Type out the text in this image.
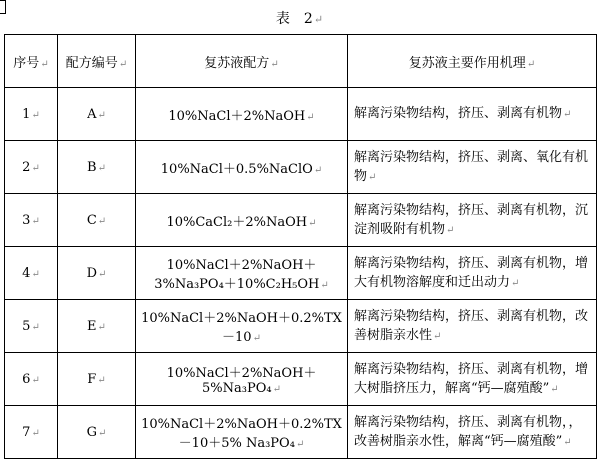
表　2↵
序号↵	配方编号↵	复苏液配方↵	复苏液主要作用机理↵
1↵	A↵	10%NaCl＋2%NaOH↵	解离污染物结构，挤压、剥离有机物↵
2↵	B↵	10%NaCl＋0.5%NaClO↵	解离污染物结构，挤压、剥离、氧化有机物↵
3↵	C↵	10%CaCl₂＋2%NaOH↵	解离污染物结构，挤压、剥离有机物，沉淀剂吸附有机物↵
4↵	D↵	10%NaCl＋2%NaOH＋3%Na₃PO₄＋10%C₂H₅OH↵	解离污染物结构，挤压、剥离有机物，增大有机物溶解度和迁出动力↵
5↵	E↵	10%NaCl＋2%NaOH＋0.2%TX－10↵	解离污染物结构，挤压、剥离有机物，改善树脂亲水性↵
6↵	F↵	10%NaCl＋2%NaOH＋5%Na₃PO₄↵	解离污染物结构，挤压、剥离有机物，增大树脂挤压力，解离“钙—腐殖酸”↵
7↵	G↵	10%NaCl＋2%NaOH＋0.2%TX－10＋5% Na₃PO₄↵	解离污染物结构，挤压、剥离有机物，，改善树脂亲水性，解离“钙—腐殖酸”↵
